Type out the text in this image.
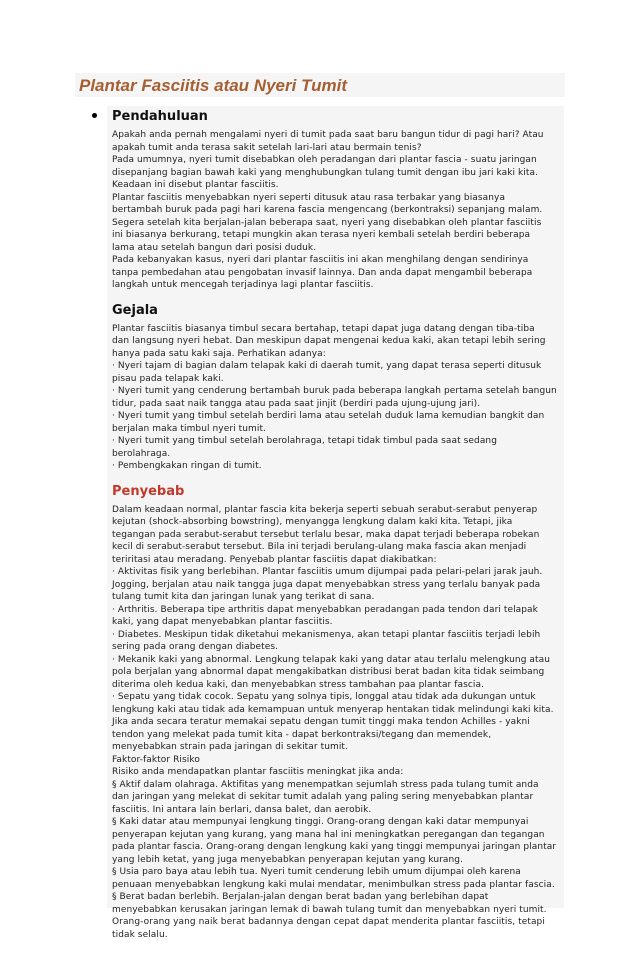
Plantar Fasciitis atau Nyeri Tumit
Pendahuluan
Apakah anda pernah mengalami nyeri di tumit pada saat baru bangun tidur di pagi hari? Atau
apakah tumit anda terasa sakit setelah lari-lari atau bermain tenis?
Pada umumnya, nyeri tumit disebabkan oleh peradangan dari plantar fascia - suatu jaringan
disepanjang bagian bawah kaki yang menghubungkan tulang tumit dengan ibu jari kaki kita.
Keadaan ini disebut plantar fasciitis.
Plantar fasciitis menyebabkan nyeri seperti ditusuk atau rasa terbakar yang biasanya
bertambah buruk pada pagi hari karena fascia mengencang (berkontraksi) sepanjang malam.
Segera setelah kita berjalan-jalan beberapa saat, nyeri yang disebabkan oleh plantar fasciitis
ini biasanya berkurang, tetapi mungkin akan terasa nyeri kembali setelah berdiri beberapa
lama atau setelah bangun dari posisi duduk.
Pada kebanyakan kasus, nyeri dari plantar fasciitis ini akan menghilang dengan sendirinya
tanpa pembedahan atau pengobatan invasif lainnya. Dan anda dapat mengambil beberapa
langkah untuk mencegah terjadinya lagi plantar fasciitis.
Gejala
Plantar fasciitis biasanya timbul secara bertahap, tetapi dapat juga datang dengan tiba-tiba
dan langsung nyeri hebat. Dan meskipun dapat mengenai kedua kaki, akan tetapi lebih sering
hanya pada satu kaki saja. Perhatikan adanya:
· Nyeri tajam di bagian dalam telapak kaki di daerah tumit, yang dapat terasa seperti ditusuk
pisau pada telapak kaki.
· Nyeri tumit yang cenderung bertambah buruk pada beberapa langkah pertama setelah bangun
tidur, pada saat naik tangga atau pada saat jinjit (berdiri pada ujung-ujung jari).
· Nyeri tumit yang timbul setelah berdiri lama atau setelah duduk lama kemudian bangkit dan
berjalan maka timbul nyeri tumit.
· Nyeri tumit yang timbul setelah berolahraga, tetapi tidak timbul pada saat sedang
berolahraga.
· Pembengkakan ringan di tumit.
Penyebab
Dalam keadaan normal, plantar fascia kita bekerja seperti sebuah serabut-serabut penyerap
kejutan (shock-absorbing bowstring), menyangga lengkung dalam kaki kita. Tetapi, jika
tegangan pada serabut-serabut tersebut terlalu besar, maka dapat terjadi beberapa robekan
kecil di serabut-serabut tersebut. Bila ini terjadi berulang-ulang maka fascia akan menjadi
teriritasi atau meradang. Penyebab plantar fasciitis dapat diakibatkan:
· Aktivitas fisik yang berlebihan. Plantar fasciitis umum dijumpai pada pelari-pelari jarak jauh.
Jogging, berjalan atau naik tangga juga dapat menyebabkan stress yang terlalu banyak pada
tulang tumit kita dan jaringan lunak yang terikat di sana.
· Arthritis. Beberapa tipe arthritis dapat menyebabkan peradangan pada tendon dari telapak
kaki, yang dapat menyebabkan plantar fasciitis.
· Diabetes. Meskipun tidak diketahui mekanismenya, akan tetapi plantar fasciitis terjadi lebih
sering pada orang dengan diabetes.
· Mekanik kaki yang abnormal. Lengkung telapak kaki yang datar atau terlalu melengkung atau
pola berjalan yang abnormal dapat mengakibatkan distribusi berat badan kita tidak seimbang
diterima oleh kedua kaki, dan menyebabkan stress tambahan paa plantar fascia.
· Sepatu yang tidak cocok. Sepatu yang solnya tipis, longgal atau tidak ada dukungan untuk
lengkung kaki atau tidak ada kemampuan untuk menyerap hentakan tidak melindungi kaki kita.
Jika anda secara teratur memakai sepatu dengan tumit tinggi maka tendon Achilles - yakni
tendon yang melekat pada tumit kita - dapat berkontraksi/tegang dan memendek,
menyebabkan strain pada jaringan di sekitar tumit.
Faktor-faktor Risiko
Risiko anda mendapatkan plantar fasciitis meningkat jika anda:
§ Aktif dalam olahraga. Aktifitas yang menempatkan sejumlah stress pada tulang tumit anda
dan jaringan yang melekat di sekitar tumit adalah yang paling sering menyebabkan plantar
fasciitis. Ini antara lain berlari, dansa balet, dan aerobik.
§ Kaki datar atau mempunyai lengkung tinggi. Orang-orang dengan kaki datar mempunyai
penyerapan kejutan yang kurang, yang mana hal ini meningkatkan peregangan dan tegangan
pada plantar fascia. Orang-orang dengan lengkung kaki yang tinggi mempunyai jaringan plantar
yang lebih ketat, yang juga menyebabkan penyerapan kejutan yang kurang.
§ Usia paro baya atau lebih tua. Nyeri tumit cenderung lebih umum dijumpai oleh karena
penuaan menyebabkan lengkung kaki mulai mendatar, menimbulkan stress pada plantar fascia.
§ Berat badan berlebih. Berjalan-jalan dengan berat badan yang berlebihan dapat
menyebabkan kerusakan jaringan lemak di bawah tulang tumit dan menyebabkan nyeri tumit.
Orang-orang yang naik berat badannya dengan cepat dapat menderita plantar fasciitis, tetapi
tidak selalu.
